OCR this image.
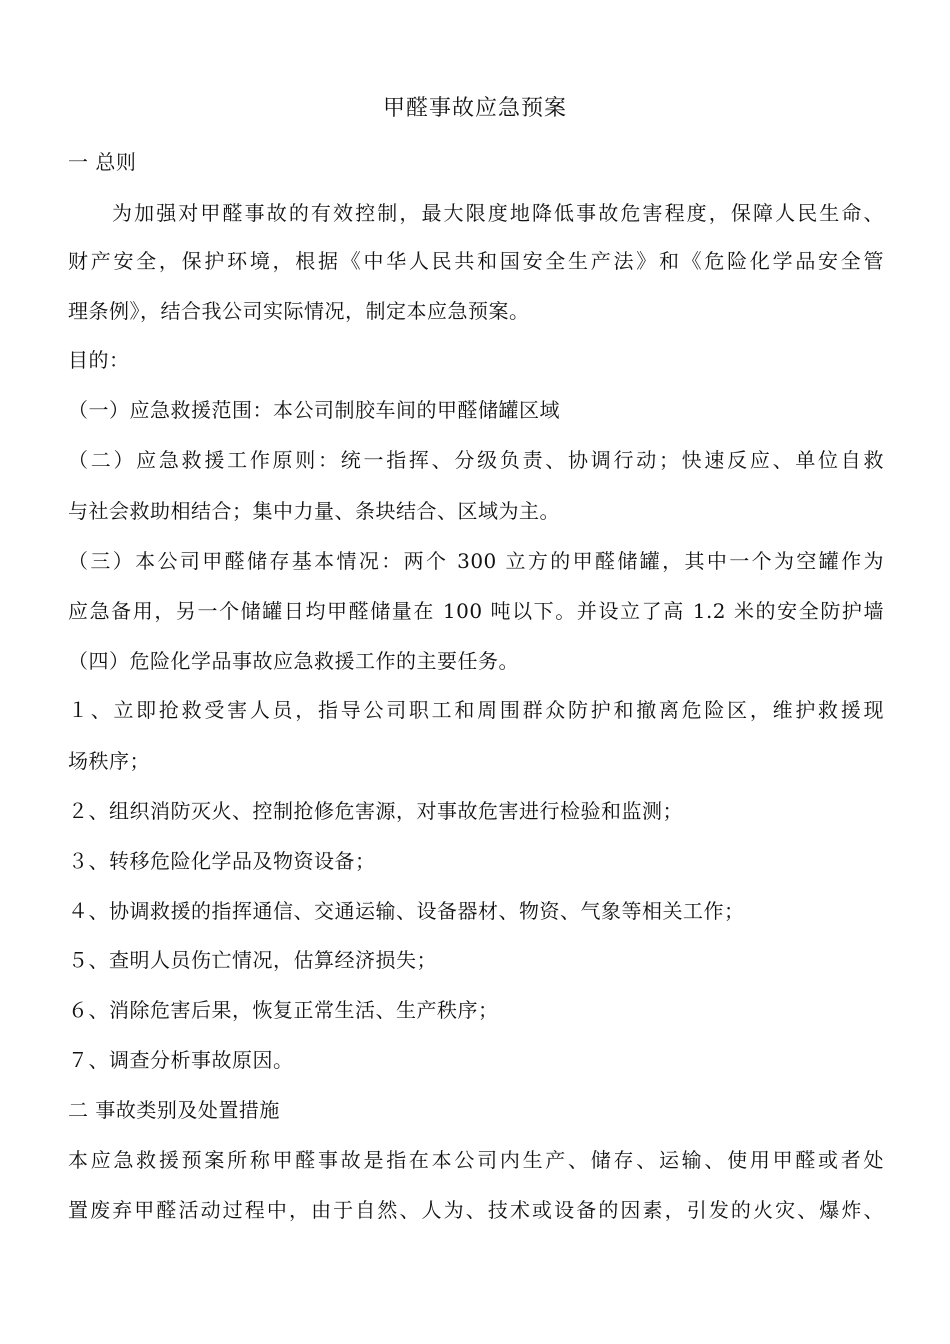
甲醛事故应急预案
一 总则
为加强对甲醛事故的有效控制，最大限度地降低事故危害程度，保障人民生命、
财产安全，保护环境，根据《中华人民共和国安全生产法》和《危险化学品安全管
理条例》，结合我公司实际情况，制定本应急预案。
目的：
（一）应急救援范围：本公司制胶车间的甲醛储罐区域
（二）应急救援工作原则：统一指挥、分级负责、协调行动；快速反应、单位自救
与社会救助相结合；集中力量、条块结合、区域为主。
（三）本公司甲醛储存基本情况：两个 300 立方的甲醛储罐，其中一个为空罐作为
应急备用，另一个储罐日均甲醛储量在 100 吨以下。并设立了高 1.2 米的安全防护墙
（四）危险化学品事故应急救援工作的主要任务。
１、立即抢救受害人员，指导公司职工和周围群众防护和撤离危险区，维护救援现
场秩序；
２、组织消防灭火、控制抢修危害源，对事故危害进行检验和监测；
３、转移危险化学品及物资设备；
４、协调救援的指挥通信、交通运输、设备器材、物资、气象等相关工作；
５、查明人员伤亡情况，估算经济损失；
６、消除危害后果，恢复正常生活、生产秩序；
７、调查分析事故原因。
二 事故类别及处置措施
本应急救援预案所称甲醛事故是指在本公司内生产、储存、运输、使用甲醛或者处
置废弃甲醛活动过程中，由于自然、人为、技术或设备的因素，引发的火灾、爆炸、
